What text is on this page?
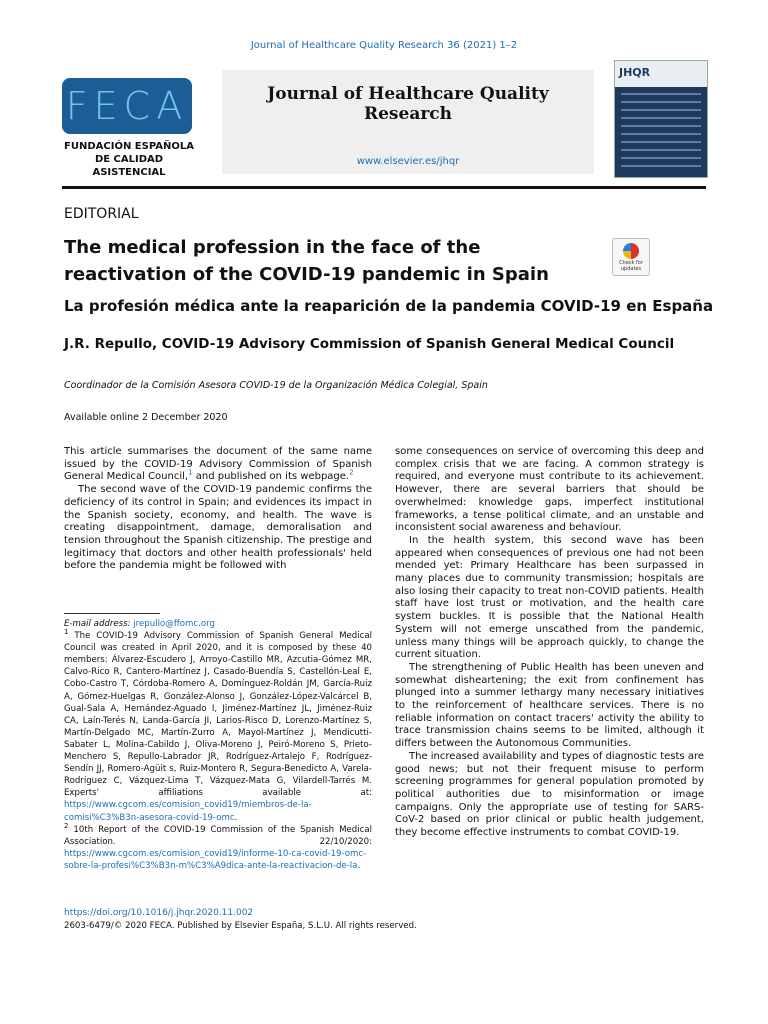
Journal of Healthcare Quality Research 36 (2021) 1–2
FECA
FUNDACIÓN ESPAÑOLA
DE CALIDAD ASISTENCIAL
Journal of Healthcare Quality Research
www.elsevier.es/jhqr
JHQR
EDITORIAL
The medical profession in the face of the reactivation of the COVID-19 pandemic in Spain
Check for updates
La profesión médica ante la reaparición de la pandemia COVID-19 en España
J.R. Repullo, COVID-19 Advisory Commission of Spanish General Medical Council
Coordinador de la Comisión Asesora COVID-19 de la Organización Médica Colegial, Spain
Available online 2 December 2020

This article summarises the document of the same name issued by the COVID-19 Advisory Commission of Spanish General Medical Council,$^1$ and published on its webpage.$^2$

The second wave of the COVID-19 pandemic confirms the deficiency of its control in Spain; and evidences its impact in the Spanish society, economy, and health. The wave is creating disappointment, damage, demoralisation and tension throughout the Spanish citizenship. The prestige and legitimacy that doctors and other health professionals' held before the pandemia might be followed with

some consequences on service of overcoming this deep and complex crisis that we are facing. A common strategy is required, and everyone must contribute to its achievement. However, there are several barriers that should be overwhelmed: knowledge gaps, imperfect institutional frameworks, a tense political climate, and an unstable and inconsistent social awareness and behaviour.

In the health system, this second wave has been appeared when consequences of previous one had not been mended yet: Primary Healthcare has been surpassed in many places due to community transmission; hospitals are also losing their capacity to treat non-COVID patients. Health staff have lost trust or motivation, and the health care system buckles. It is possible that the National Health System will not emerge unscathed from the pandemic, unless many things will be approach quickly, to change the current situation.

The strengthening of Public Health has been uneven and somewhat disheartening; the exit from confinement has plunged into a summer lethargy many necessary initiatives to the reinforcement of healthcare services. There is no reliable information on contact tracers' activity the ability to trace transmission chains seems to be limited, although it differs between the Autonomous Communities.

The increased availability and types of diagnostic tests are good news; but not their frequent misuse to perform screening programmes for general population promoted by political authorities due to misinformation or image campaigns. Only the appropriate use of testing for SARS-CoV-2 based on prior clinical or public health judgement, they become effective instruments to combat COVID-19.

E-mail address: jrepullo@ffomc.org

$^1$ The COVID-19 Advisory Commission of Spanish General Medical Council was created in April 2020, and it is composed by these 40 members: Álvarez-Escudero J, Arroyo-Castillo MR, Azcutia-Gómez MR, Calvo-Rico R, Cantero-Martínez J, Casado-Buendía S, Castellón-Leal E, Cobo-Castro T, Córdoba-Romero A, Domínguez-Roldán JM, García-Ruiz A, Gómez-Huelgas R, González-Alonso J, González-López-Valcárcel B, Gual-Sala A, Hernández-Aguado I, Jiménez-Martínez JL, Jiménez-Ruiz CA, Laín-Terés N, Landa-García JI, Larios-Risco D, Lorenzo-Martínez S, Martín-Delgado MC, Martín-Zurro A, Mayol-Martínez J, Mendicutti-Sabater L, Molina-Cabildo J, Oliva-Moreno J, Peiró-Moreno S, Prieto-Menchero S, Repullo-Labrador JR, Rodríguez-Artalejo F, Rodríguez-Sendín JJ, Romero-Agüit s, Ruiz-Montero R, Segura-Benedicto A, Varela-Rodríguez C, Vázquez-Lima T, Vázquez-Mata G, Vilardell-Tarrés M. Experts' affiliations available at: https://www.cgcom.es/comision_covid19/miembros-de-la-comisi%C3%B3n-asesora-covid-19-omc.

$^2$ 10th Report of the COVID-19 Commission of the Spanish Medical Association. 22/10/2020: https://www.cgcom.es/comision_covid19/informe-10-ca-covid-19-omc-sobre-la-profesi%C3%B3n-m%C3%A9dica-ante-la-reactivacion-de-la.

https://doi.org/10.1016/j.jhqr.2020.11.002
2603-6479/© 2020 FECA. Published by Elsevier España, S.L.U. All rights reserved.
